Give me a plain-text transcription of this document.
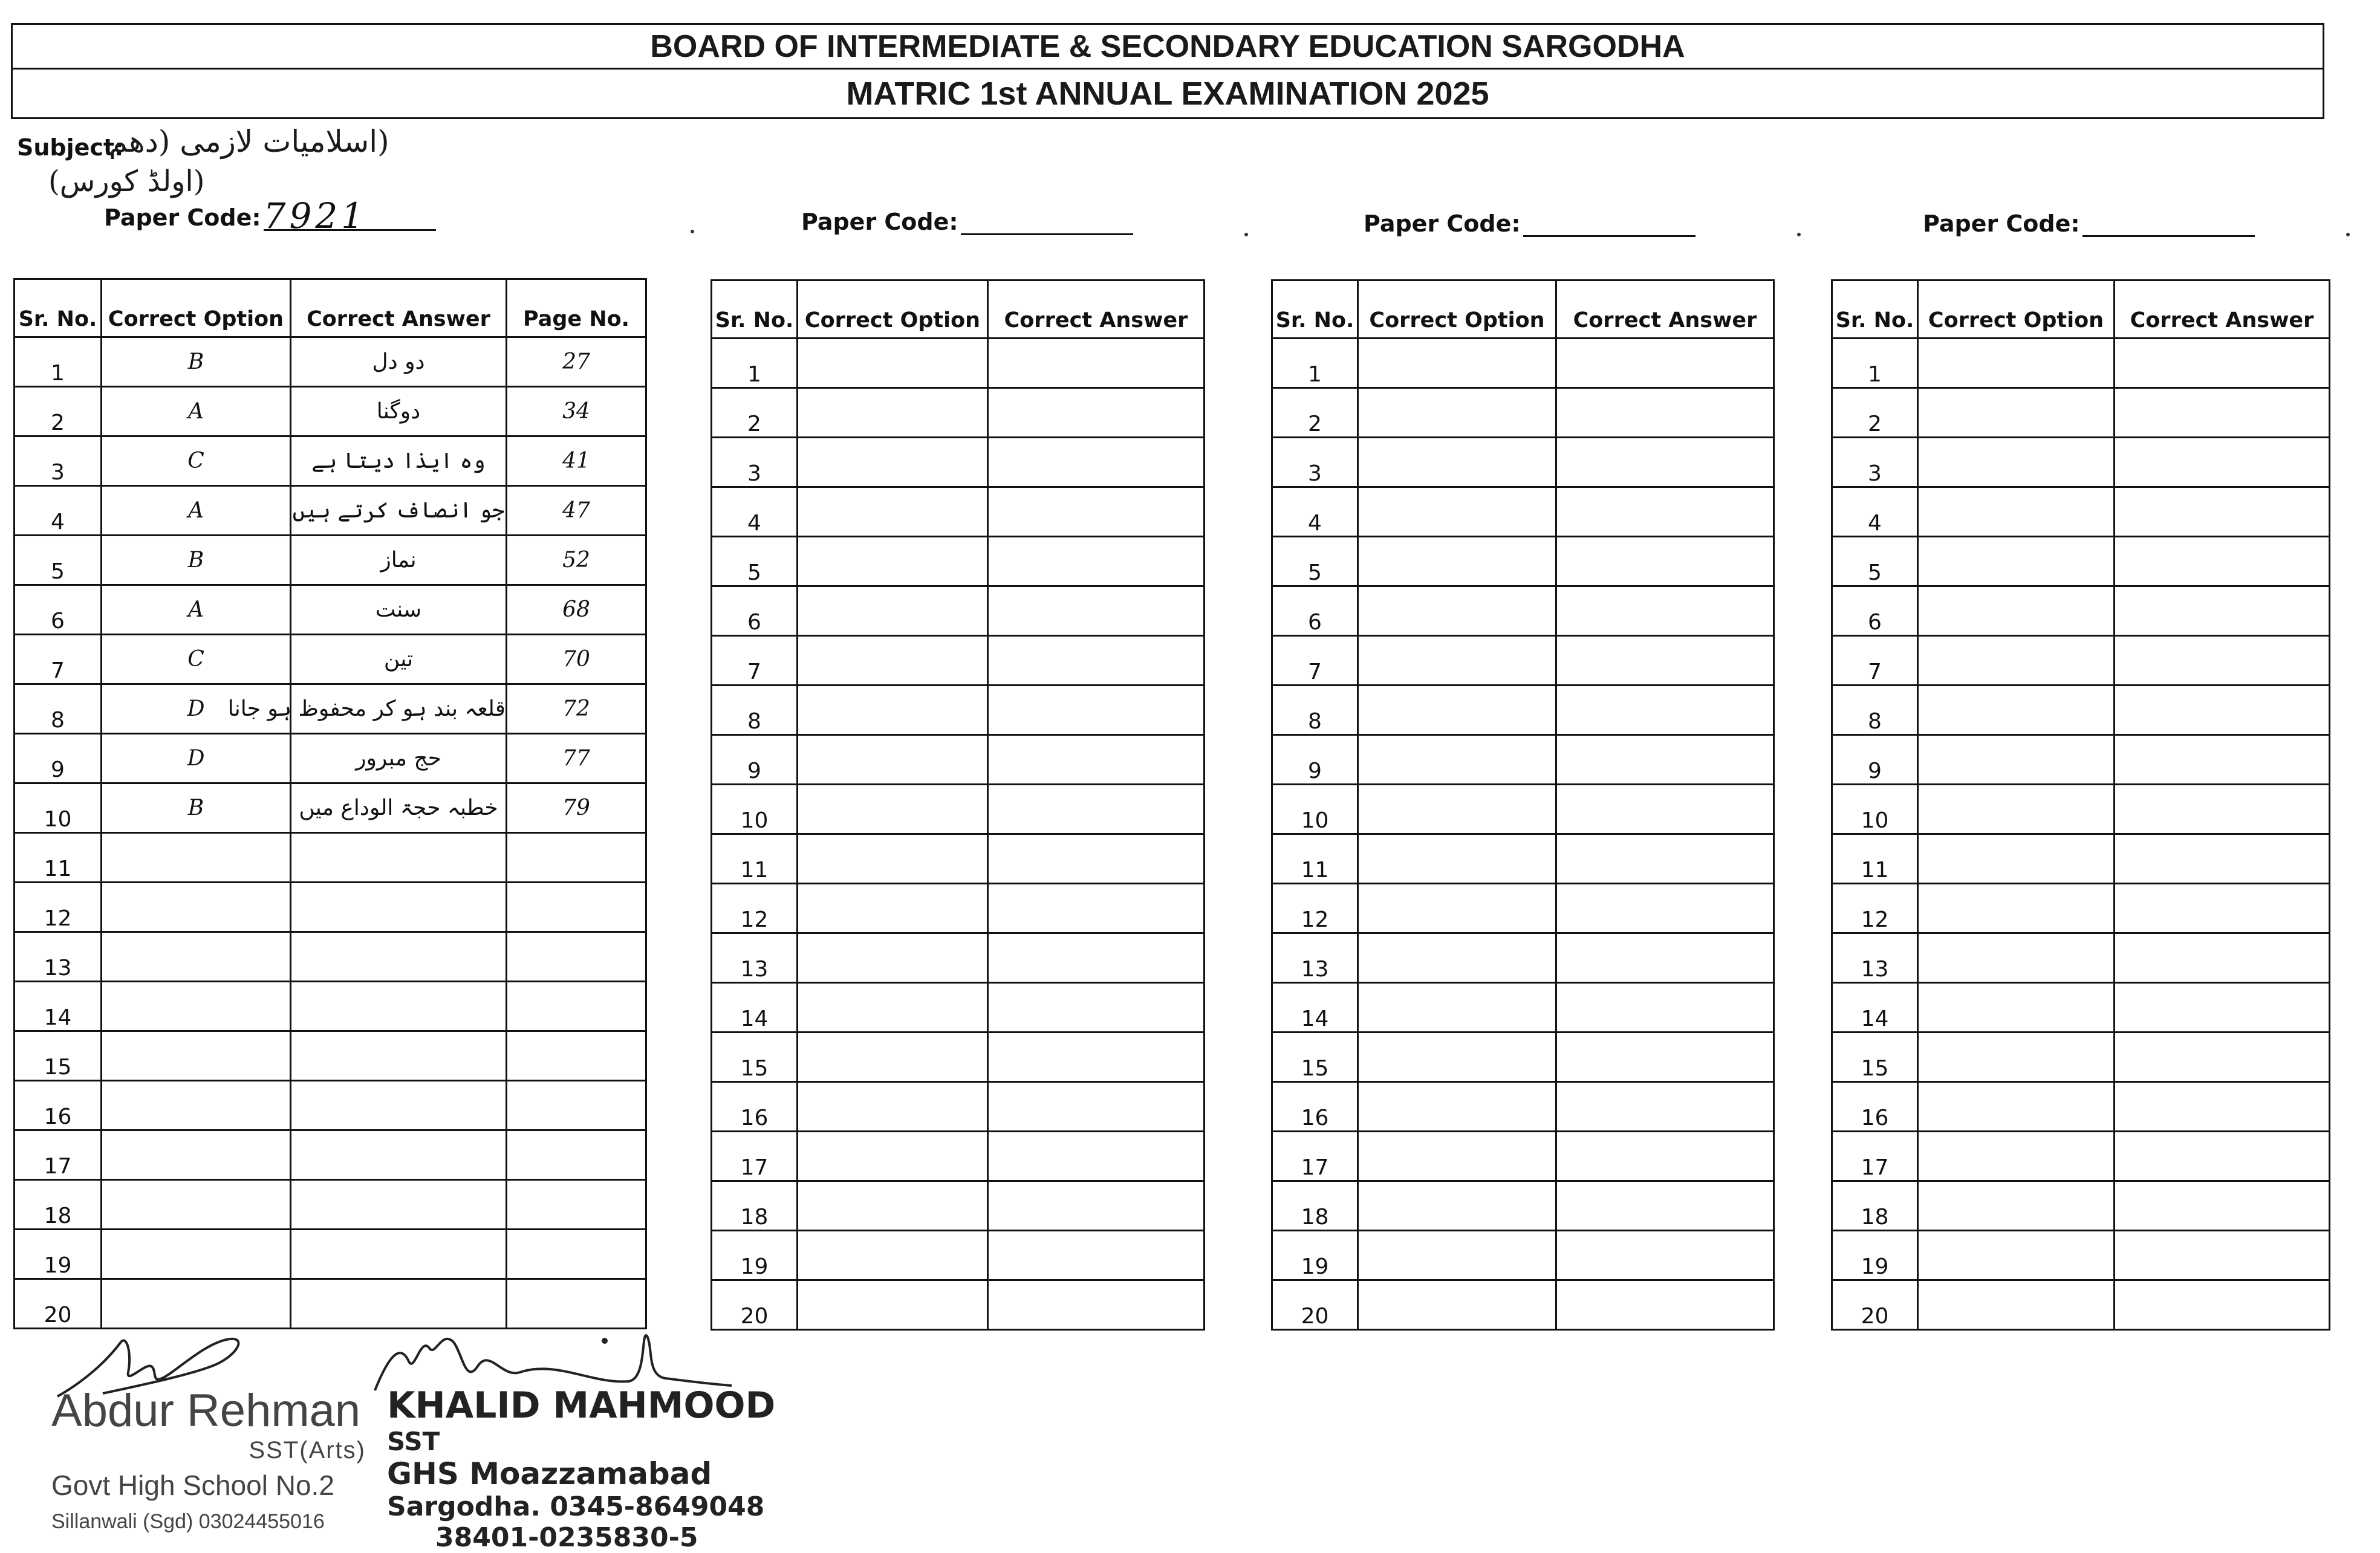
BOARD OF INTERMEDIATE & SECONDARY EDUCATION SARGODHA
MATRIC 1st ANNUAL EXAMINATION 2025
Subject:
(اسلامیات لازمی (دھم
(اولڈ کورس)
Paper Code:7921	Paper Code:	Paper Code:	Paper Code:
Sr. No.	Correct Option	Correct Answer	Page No.
1	B	دو دل	27
2	A	دوگنا	34
3	C	وہ ایذا دیتا ہے	41
4	A	جو انصاف کرتے ہیں	47
5	B	نماز	52
6	A	سنت	68
7	C	تین	70
8	D	قلعہ بند ہو کر محفوظ ہو جانا	72
9	D	حج مبرور	77
10	B	خطبہ حجۃ الوداع میں	79
11			
12			
13			
14			
15			
16			
17			
18			
19			
20			
Sr. No.	Correct Option	Correct Answer
1		
2		
3		
4		
5		
6		
7		
8		
9		
10		
11		
12		
13		
14		
15		
16		
17		
18		
19		
20		
Sr. No.	Correct Option	Correct Answer
1		
2		
3		
4		
5		
6		
7		
8		
9		
10		
11		
12		
13		
14		
15		
16		
17		
18		
19		
20		
Sr. No.	Correct Option	Correct Answer
1		
2		
3		
4		
5		
6		
7		
8		
9		
10		
11		
12		
13		
14		
15		
16		
17		
18		
19		
20		
Abdur Rehman
SST(Arts)
Govt High School No.2
Sillanwali (Sgd) 03024455016
KHALID MAHMOOD
SST
GHS Moazzamabad
Sargodha. 0345-8649048
38401-0235830-5
